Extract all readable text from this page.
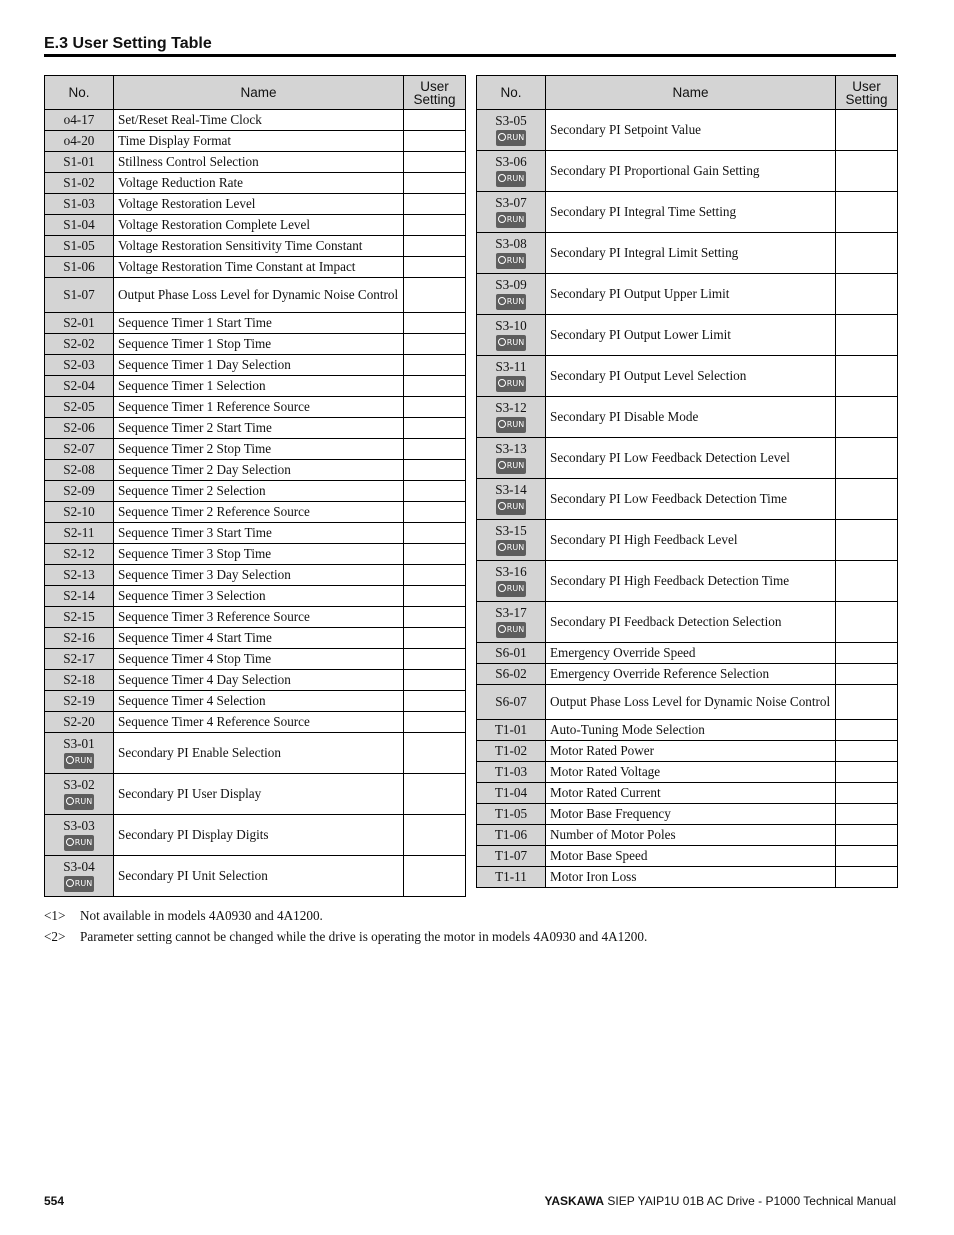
E.3 User Setting Table
No.	Name	User Setting
o4-17	Set/Reset Real-Time Clock	
o4-20	Time Display Format	
S1-01	Stillness Control Selection	
S1-02	Voltage Reduction Rate	
S1-03	Voltage Restoration Level	
S1-04	Voltage Restoration Complete Level	
S1-05	Voltage Restoration Sensitivity Time Constant	
S1-06	Voltage Restoration Time Constant at Impact	
S1-07	Output Phase Loss Level for Dynamic Noise Control	
S2-01	Sequence Timer 1 Start Time	
S2-02	Sequence Timer 1 Stop Time	
S2-03	Sequence Timer 1 Day Selection	
S2-04	Sequence Timer 1 Selection	
S2-05	Sequence Timer 1 Reference Source	
S2-06	Sequence Timer 2 Start Time	
S2-07	Sequence Timer 2 Stop Time	
S2-08	Sequence Timer 2 Day Selection	
S2-09	Sequence Timer 2 Selection	
S2-10	Sequence Timer 2 Reference Source	
S2-11	Sequence Timer 3 Start Time	
S2-12	Sequence Timer 3 Stop Time	
S2-13	Sequence Timer 3 Day Selection	
S2-14	Sequence Timer 3 Selection	
S2-15	Sequence Timer 3 Reference Source	
S2-16	Sequence Timer 4 Start Time	
S2-17	Sequence Timer 4 Stop Time	
S2-18	Sequence Timer 4 Day Selection	
S2-19	Sequence Timer 4 Selection	
S2-20	Sequence Timer 4 Reference Source	
S3-01
RUN	Secondary PI Enable Selection	
S3-02
RUN	Secondary PI User Display	
S3-03
RUN	Secondary PI Display Digits	
S3-04
RUN	Secondary PI Unit Selection	
No.	Name	User Setting
S3-05
RUN	Secondary PI Setpoint Value	
S3-06
RUN	Secondary PI Proportional Gain Setting	
S3-07
RUN	Secondary PI Integral Time Setting	
S3-08
RUN	Secondary PI Integral Limit Setting	
S3-09
RUN	Secondary PI Output Upper Limit	
S3-10
RUN	Secondary PI Output Lower Limit	
S3-11
RUN	Secondary PI Output Level Selection	
S3-12
RUN	Secondary PI Disable Mode	
S3-13
RUN	Secondary PI Low Feedback Detection Level	
S3-14
RUN	Secondary PI Low Feedback Detection Time	
S3-15
RUN	Secondary PI High Feedback Level	
S3-16
RUN	Secondary PI High Feedback Detection Time	
S3-17
RUN	Secondary PI Feedback Detection Selection	
S6-01	Emergency Override Speed	
S6-02	Emergency Override Reference Selection	
S6-07	Output Phase Loss Level for Dynamic Noise Control	
T1-01	Auto-Tuning Mode Selection	
T1-02	Motor Rated Power	
T1-03	Motor Rated Voltage	
T1-04	Motor Rated Current	
T1-05	Motor Base Frequency	
T1-06	Number of Motor Poles	
T1-07	Motor Base Speed	
T1-11	Motor Iron Loss	
<1> Not available in models 4A0930 and 4A1200.
<2> Parameter setting cannot be changed while the drive is operating the motor in models 4A0930 and 4A1200.
554	YASKAWA SIEP YAIP1U 01B AC Drive - P1000 Technical Manual
